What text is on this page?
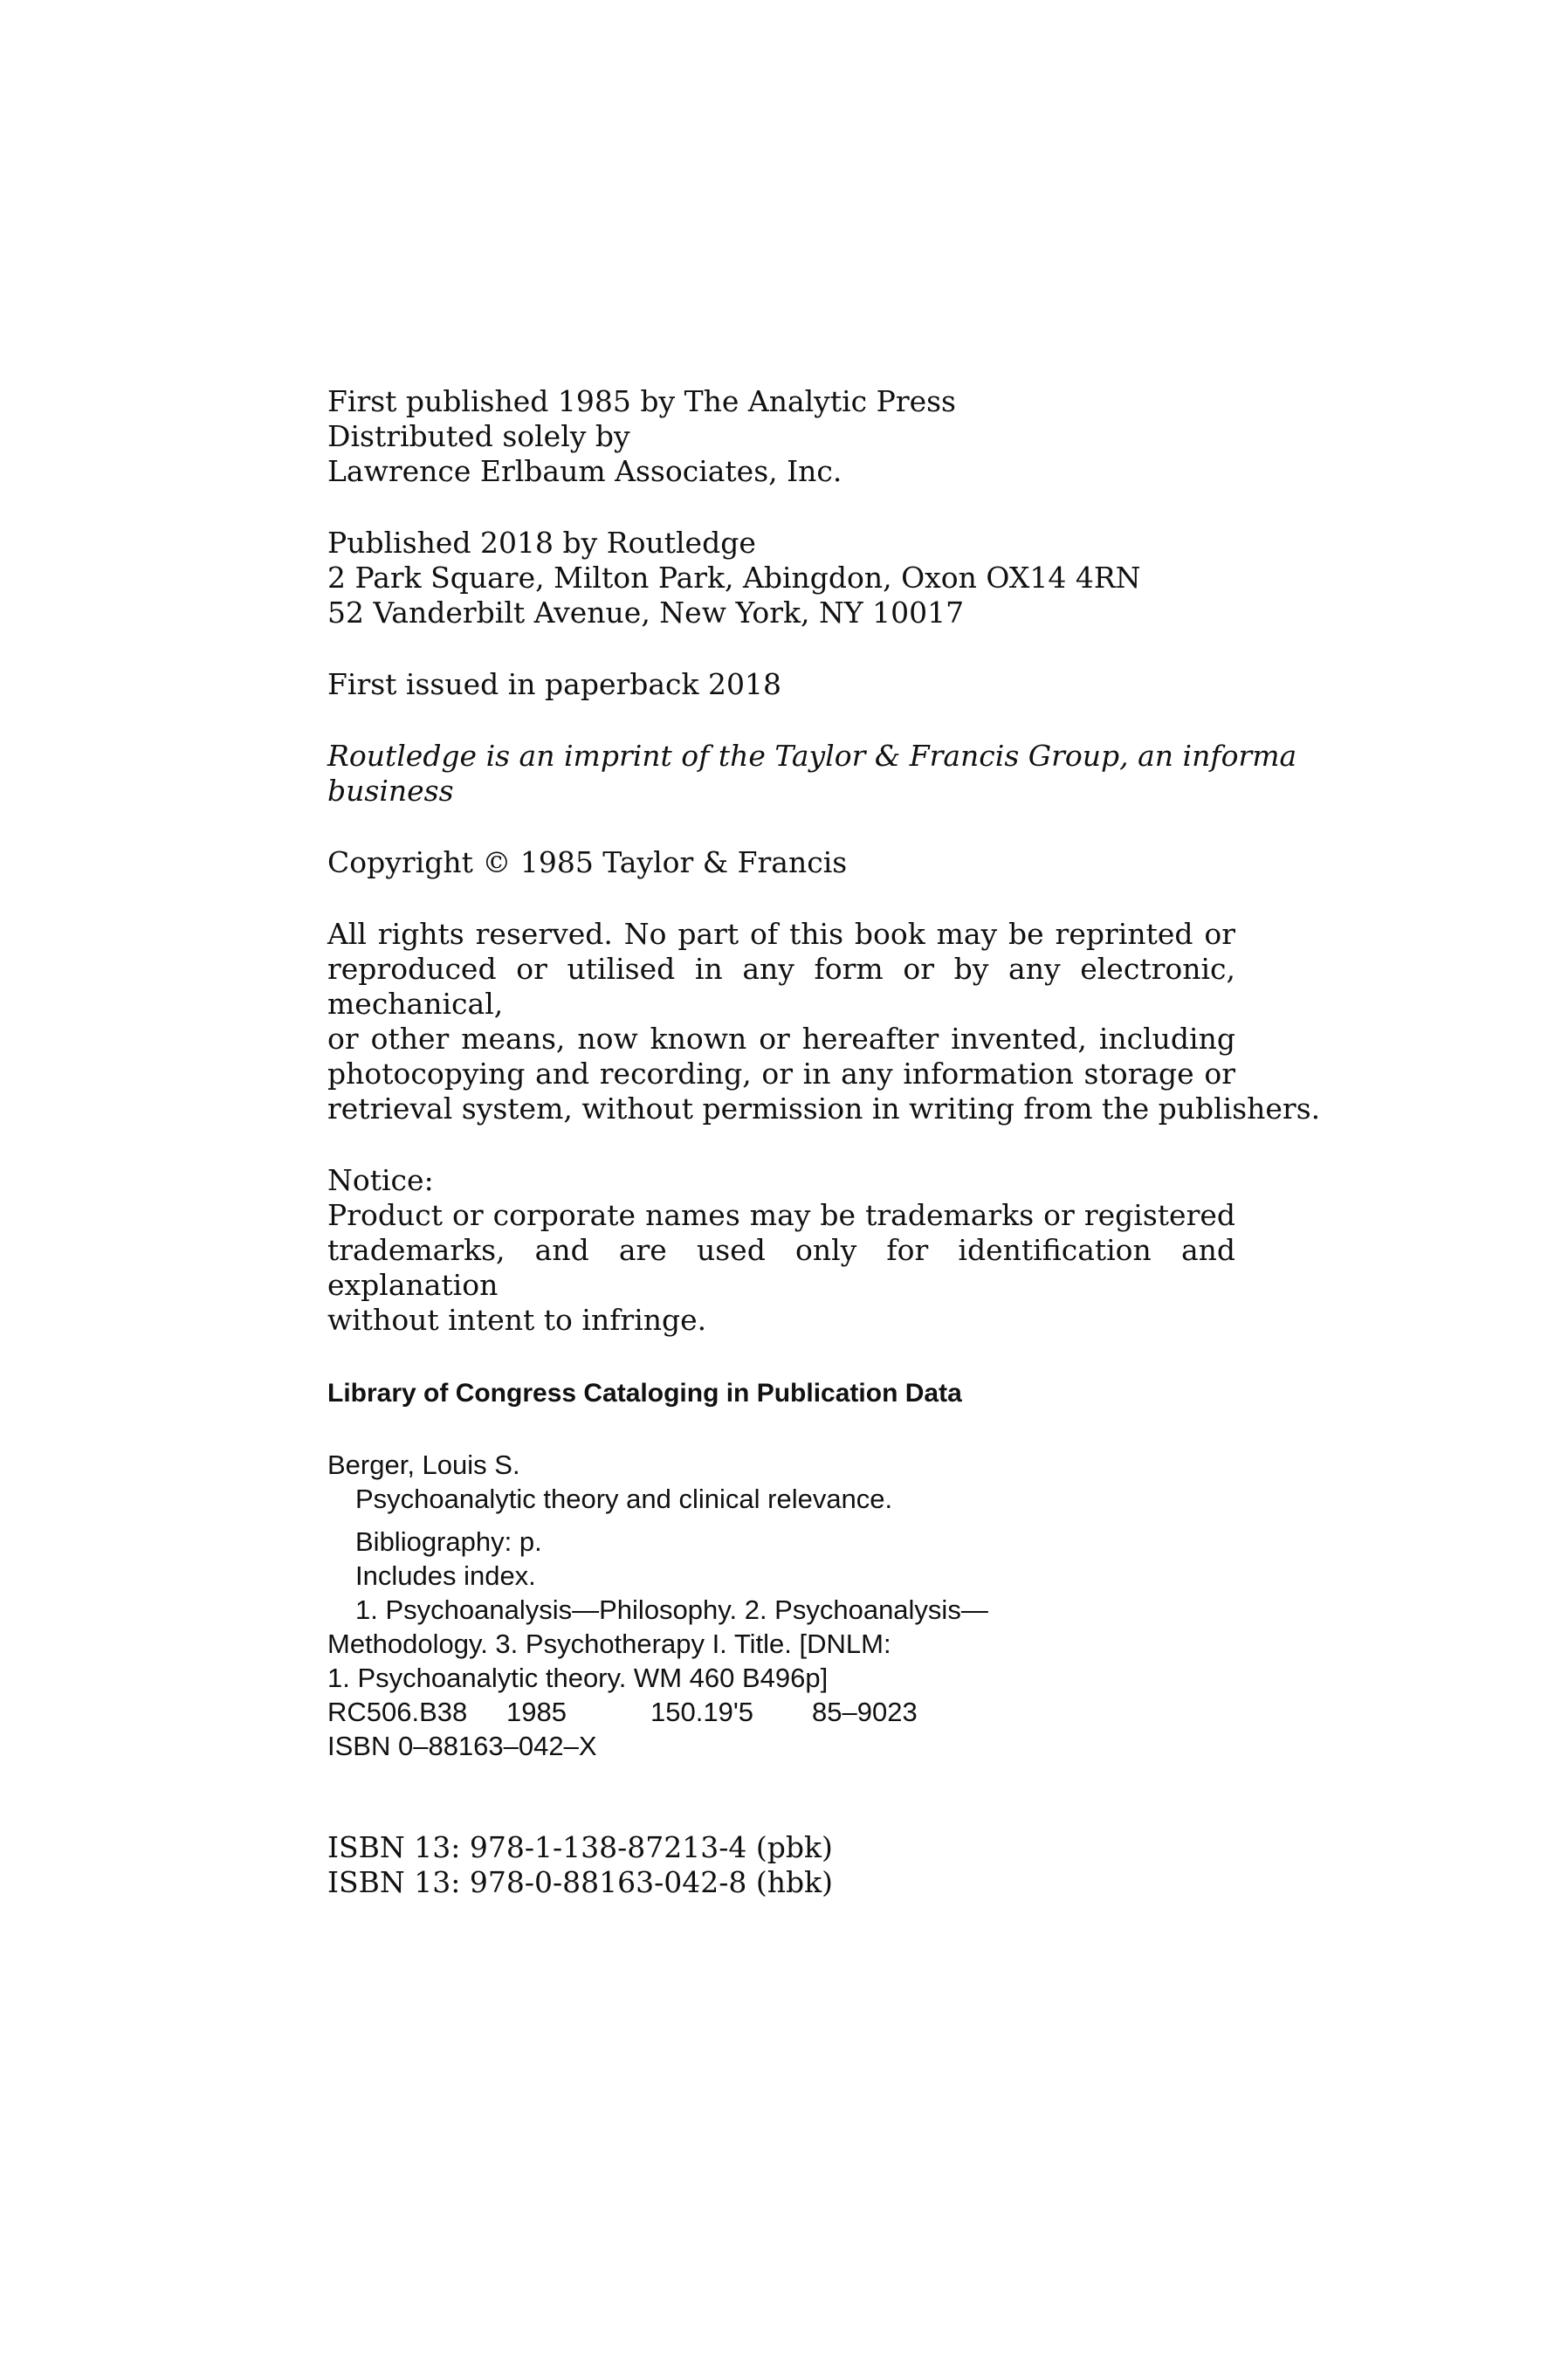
First published 1985 by The Analytic Press
Distributed solely by
Lawrence Erlbaum Associates, Inc.
Published 2018 by Routledge
2 Park Square, Milton Park, Abingdon, Oxon OX14 4RN
52 Vanderbilt Avenue, New York, NY 10017
First issued in paperback 2018
Routledge is an imprint of the Taylor & Francis Group, an informa
business
Copyright © 1985 Taylor & Francis
All rights reserved. No part of this book may be reprinted or
reproduced or utilised in any form or by any electronic, mechanical,
or other means, now known or hereafter invented, including
photocopying and recording, or in any information storage or
retrieval system, without permission in writing from the publishers.
Notice:
Product or corporate names may be trademarks or registered
trademarks, and are used only for identification and explanation
without intent to infringe.
Library of Congress Cataloging in Publication Data
Berger, Louis S.
Psychoanalytic theory and clinical relevance.
Bibliography: p.
Includes index.
1. Psychoanalysis—Philosophy. 2. Psychoanalysis—
Methodology. 3. Psychotherapy I. Title. [DNLM:
1. Psychoanalytic theory. WM 460 B496p]
RC506.B38	1985	150.19'5	85–9023
ISBN 0–88163–042–X
ISBN 13: 978-1-138-87213-4 (pbk)
ISBN 13: 978-0-88163-042-8 (hbk)
